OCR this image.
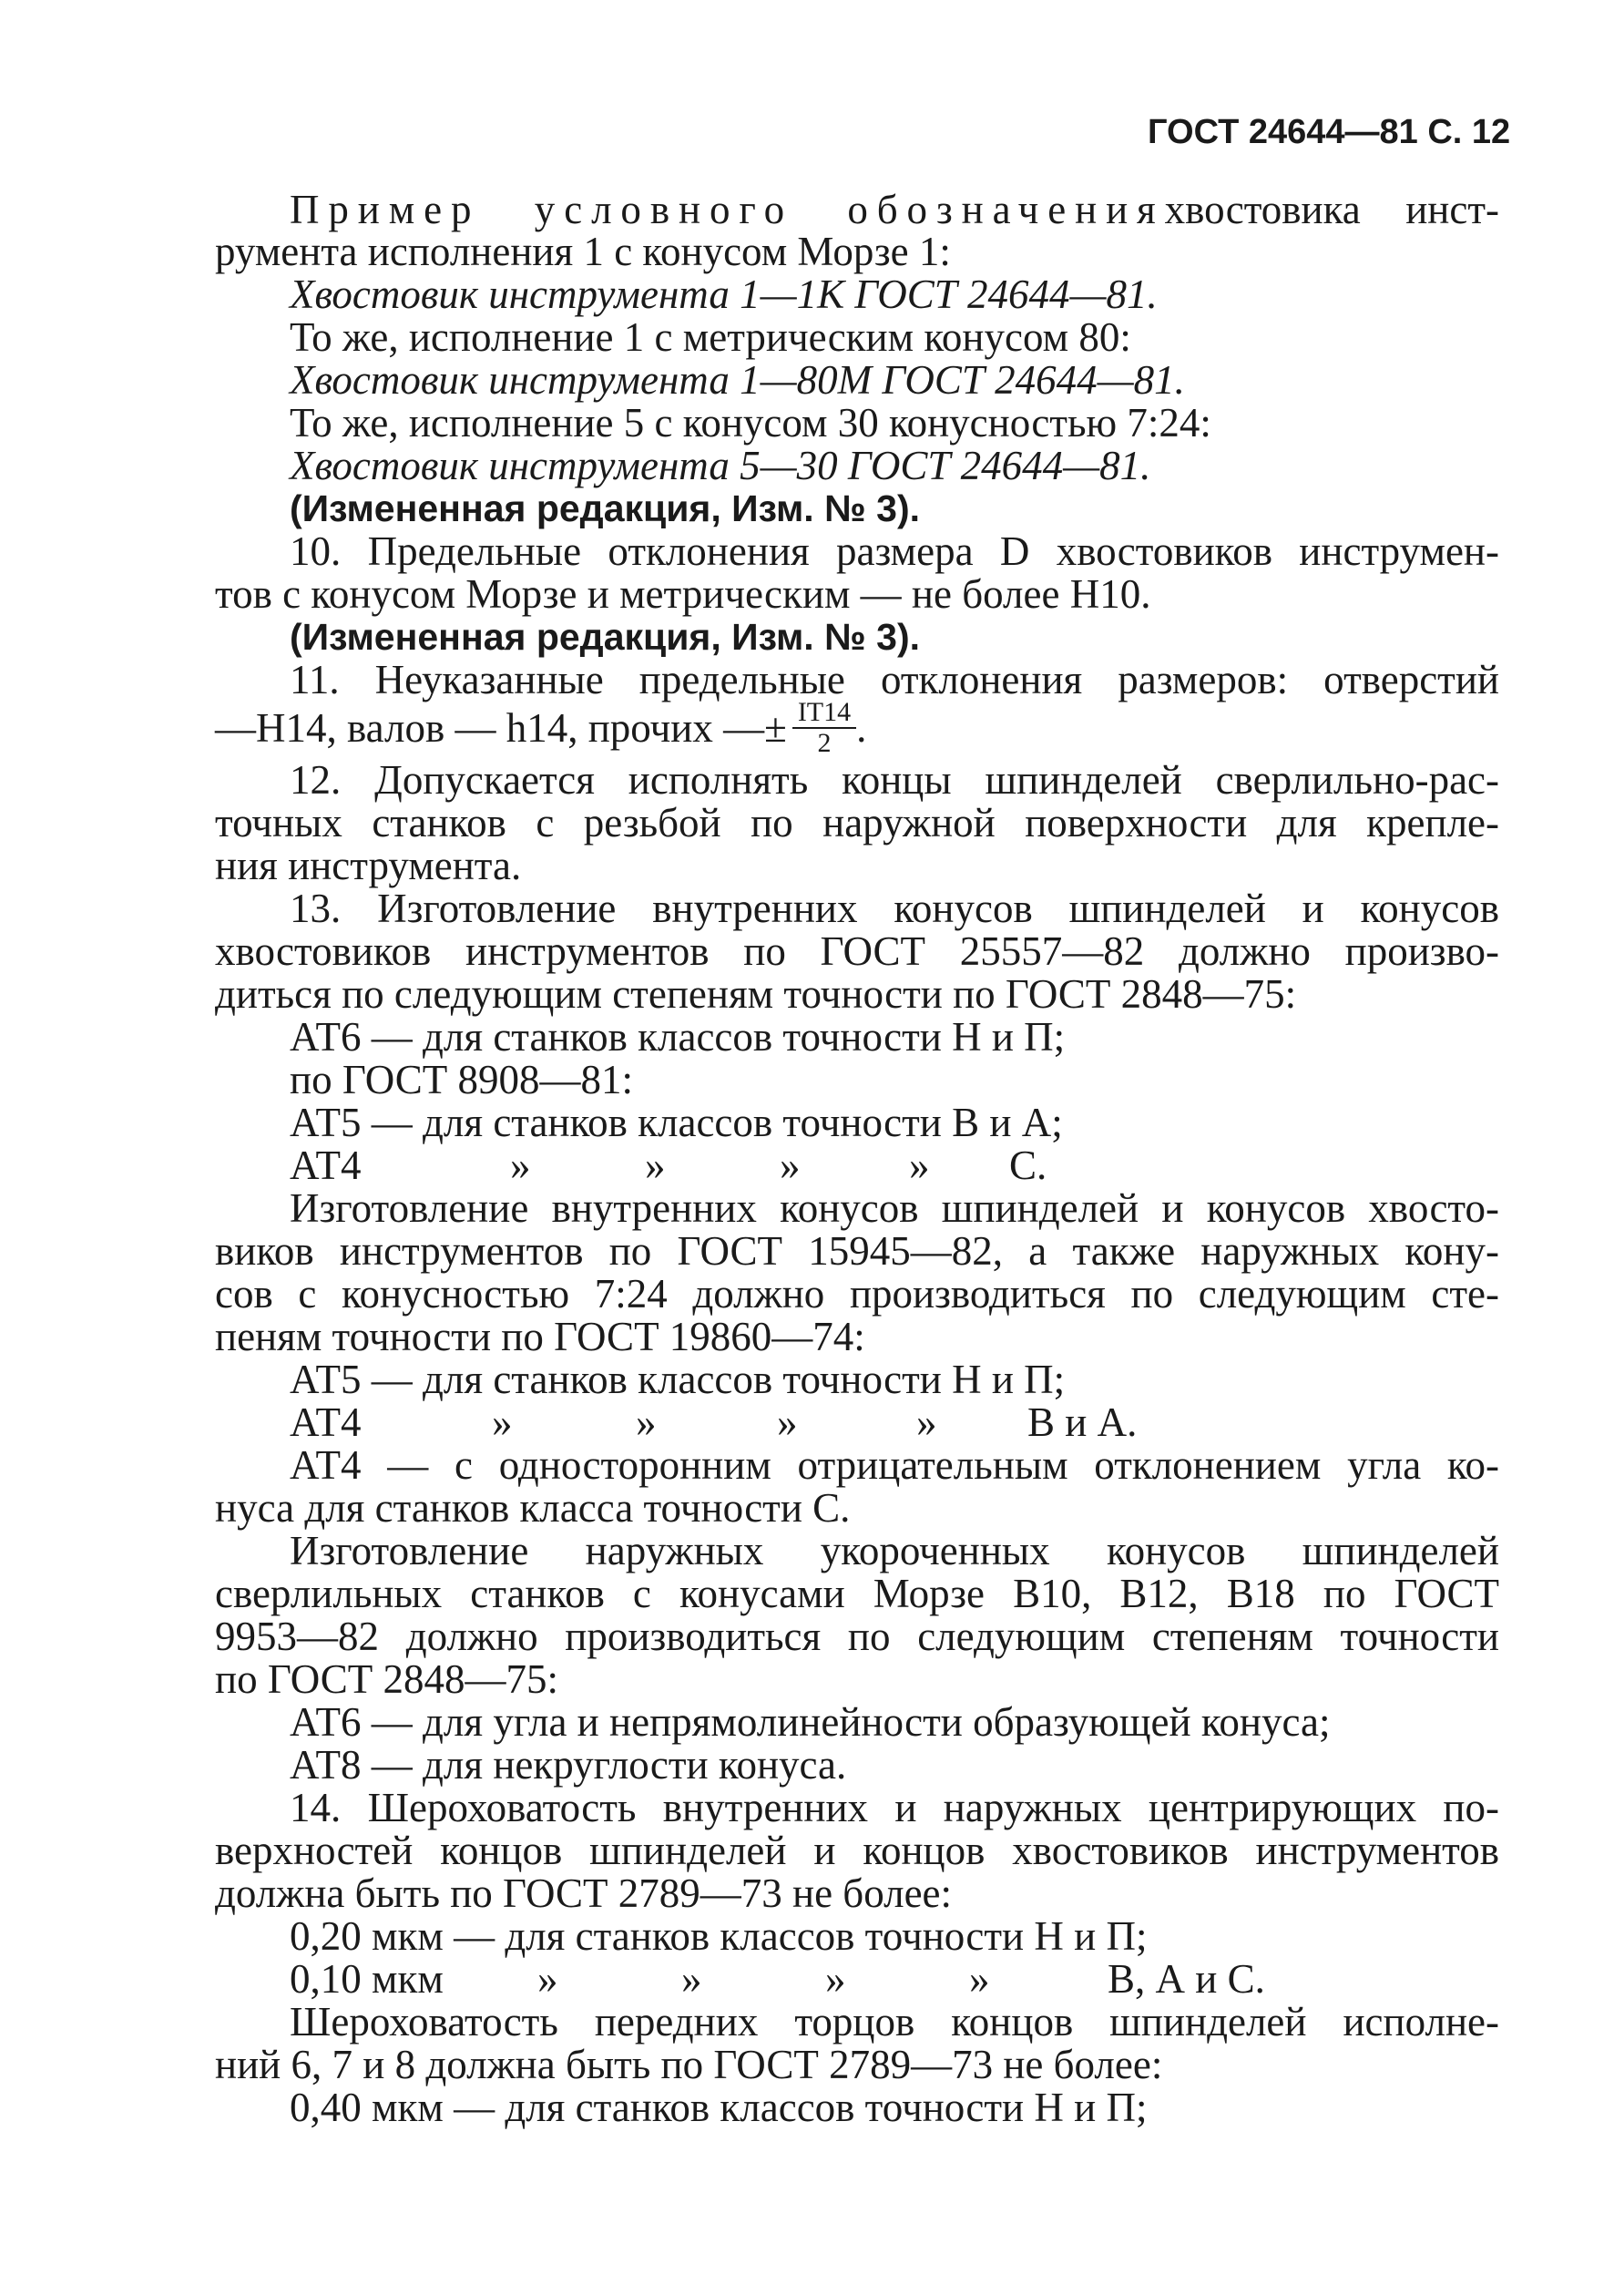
ГОСТ 24644—81 С. 12
Пример условного обозначенияхвостовика инст-
румента исполнения 1 с конусом Морзе 1:
Хвостовик инструмента 1—1К ГОСТ 24644—81.
То же, исполнение 1 с метрическим конусом 80:
Хвостовик инструмента 1—80М ГОСТ 24644—81.
То же, исполнение 5 с конусом 30 конусностью 7:24:
Хвостовик инструмента 5—30 ГОСТ 24644—81.
(Измененная редакция, Изм. № 3).
10. Предельные отклонения размера D хвостовиков инструмен-
тов с конусом Морзе и метрическим — не более Н10.
(Измененная редакция, Изм. № 3).
11. Неуказанные предельные отклонения размеров: отверстий
—Н14, валов — h14, прочих —± $\frac{IT14}{2}$ .
12. Допускается исполнять концы шпинделей сверлильно-рас-
точных станков с резьбой по наружной поверхности для крепле-
ния инструмента.
13. Изготовление внутренних конусов шпинделей и конусов
хвостовиков инструментов по ГОСТ 25557—82 должно произво-
диться по следующим степеням точности по ГОСТ 2848—75:
АТ6 — для станков классов точности Н и П;
по ГОСТ 8908—81:
АТ5 — для станков классов точности В и А;
АТ4	»	»	»	» С.
Изготовление внутренних конусов шпинделей и конусов хвосто-
виков инструментов по ГОСТ 15945—82, а также наружных кону-
сов с конусностью 7:24 должно производиться по следующим сте-
пеням точности по ГОСТ 19860—74:
АТ5 — для станков классов точности Н и П;
АТ4	»	»	»	» В и А.
АТ4 — с односторонним отрицательным отклонением угла ко-
нуса для станков класса точности С.
Изготовление наружных укороченных конусов шпинделей
сверлильных станков с конусами Морзе В10, В12, В18 по ГОСТ
9953—82 должно производиться по следующим степеням точности
по ГОСТ 2848—75:
АТ6 — для угла и непрямолинейности образующей конуса;
АТ8 — для некруглости конуса.
14. Шероховатость внутренних и наружных центрирующих по-
верхностей концов шпинделей и концов хвостовиков инструментов
должна быть по ГОСТ 2789—73 не более:
0,20 мкм — для станков классов точности Н и П;
0,10 мкм »	»	»	»	В, А и С.
Шероховатость передних торцов концов шпинделей исполне-
ний 6, 7 и 8 должна быть по ГОСТ 2789—73 не более:
0,40 мкм — для станков классов точности Н и П;
